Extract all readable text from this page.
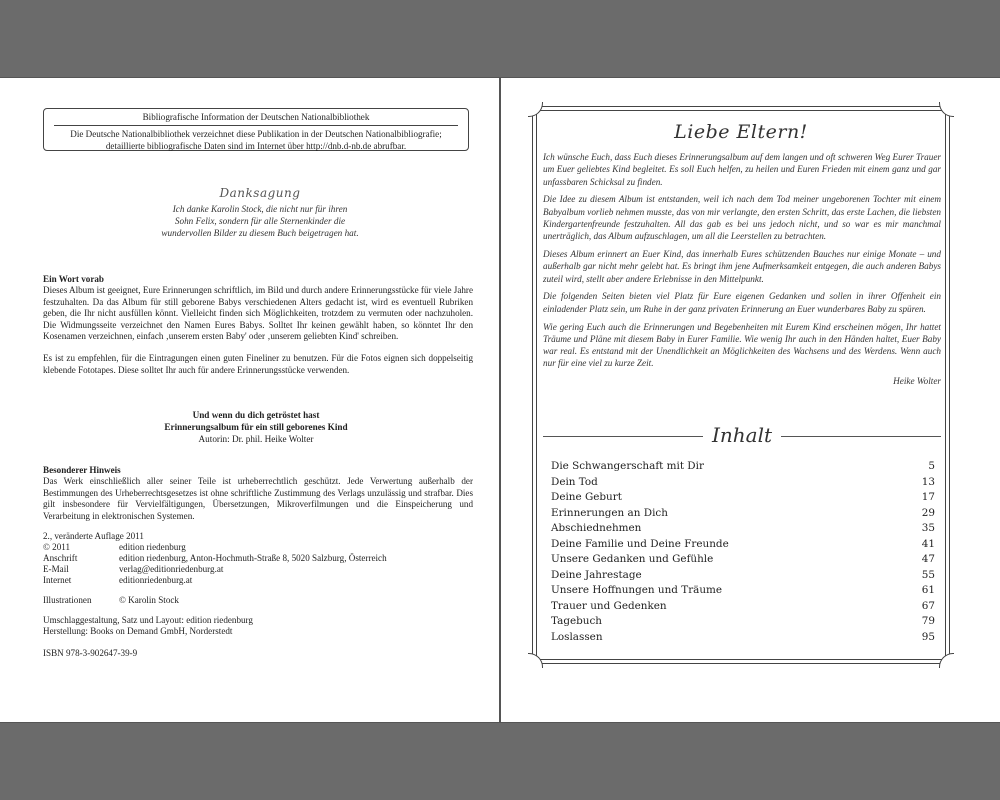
Bibliografische Information der Deutschen Nationalbibliothek
Die Deutsche Nationalbibliothek verzeichnet diese Publikation in der Deutschen Nationalbibliografie;
detaillierte bibliografische Daten sind im Internet über http://dnb.d-nb.de abrufbar.
Danksagung
Ich danke Karolin Stock, die nicht nur für ihren
Sohn Felix, sondern für alle Sternenkinder die
wundervollen Bilder zu diesem Buch beigetragen hat.
Ein Wort vorab
Dieses Album ist geeignet, Eure Erinnerungen schriftlich, im Bild und durch andere Erinnerungsstücke für viele Jahre festzuhalten. Da das Album für still geborene Babys verschiedenen Alters gedacht ist, wird es eventuell Rubriken geben, die Ihr nicht ausfüllen könnt. Vielleicht finden sich Möglichkeiten, trotzdem zu vermuten oder nachzuholen. Die Widmungsseite verzeichnet den Namen Eures Babys. Solltet Ihr keinen gewählt haben, so könntet Ihr den Kosenamen verzeichnen, einfach ‚unserem ersten Baby' oder ‚unserem geliebten Kind' schreiben.
Es ist zu empfehlen, für die Eintragungen einen guten Fineliner zu benutzen. Für die Fotos eignen sich doppelseitig klebende Fototapes. Diese solltet Ihr auch für andere Erinnerungsstücke verwenden.
Und wenn du dich getröstet hast
Erinnerungsalbum für ein still geborenes Kind
Autorin: Dr. phil. Heike Wolter
Besonderer Hinweis
Das Werk einschließlich aller seiner Teile ist urheberrechtlich geschützt. Jede Verwertung außerhalb der Bestimmungen des Urheberrechtsgesetzes ist ohne schriftliche Zustimmung des Verlags unzulässig und strafbar. Dies gilt insbesondere für Vervielfältigungen, Übersetzungen, Mikroverfilmungen und die Einspeicherung und Verarbeitung in elektronischen Systemen.
2., veränderte Auflage 2011
© 2011	edition riedenburg
Anschrift	edition riedenburg, Anton-Hochmuth-Straße 8, 5020 Salzburg, Österreich
E-Mail	verlag@editionriedenburg.at
Internet	editionriedenburg.at
Illustrationen	© Karolin Stock
Umschlaggestaltung, Satz und Layout: edition riedenburg
Herstellung: Books on Demand GmbH, Norderstedt
ISBN 978-3-902647-39-9
Liebe Eltern!

Ich wünsche Euch, dass Euch dieses Erinnerungsalbum auf dem langen und oft schweren Weg Eurer Trauer um Euer geliebtes Kind begleitet. Es soll Euch helfen, zu heilen und Euren Frieden mit einem ganz und gar unfassbaren Schicksal zu finden.

Die Idee zu diesem Album ist entstanden, weil ich nach dem Tod meiner ungeborenen Tochter mit einem Babyalbum vorlieb nehmen musste, das von mir verlangte, den ersten Schritt, das erste Lachen, die liebsten Kindergartenfreunde festzuhalten. All das gab es bei uns jedoch nicht, und so war es mir manchmal unerträglich, das Album aufzuschlagen, um all die Leerstellen zu betrachten.

Dieses Album erinnert an Euer Kind, das innerhalb Eures schützenden Bauches nur einige Monate – und außerhalb gar nicht mehr gelebt hat. Es bringt ihm jene Aufmerksamkeit entgegen, die auch anderen Babys zuteil wird, stellt aber andere Erlebnisse in den Mittelpunkt.

Die folgenden Seiten bieten viel Platz für Eure eigenen Gedanken und sollen in ihrer Offenheit ein einladender Platz sein, um Ruhe in der ganz privaten Erinnerung an Euer wunderbares Baby zu spüren.

Wie gering Euch auch die Erinnerungen und Begebenheiten mit Eurem Kind erscheinen mögen, Ihr hattet Träume und Pläne mit diesem Baby in Eurer Familie. Wie wenig Ihr auch in den Händen haltet, Euer Baby war real. Es entstand mit der Unendlichkeit an Möglichkeiten des Wachsens und des Werdens. Wenn auch nur für eine viel zu kurze Zeit.

Heike Wolter
Inhalt
Die Schwangerschaft mit Dir	5
Dein Tod	13
Deine Geburt	17
Erinnerungen an Dich	29
Abschiednehmen	35
Deine Familie und Deine Freunde	41
Unsere Gedanken und Gefühle	47
Deine Jahrestage	55
Unsere Hoffnungen und Träume	61
Trauer und Gedenken	67
Tagebuch	79
Loslassen	95
